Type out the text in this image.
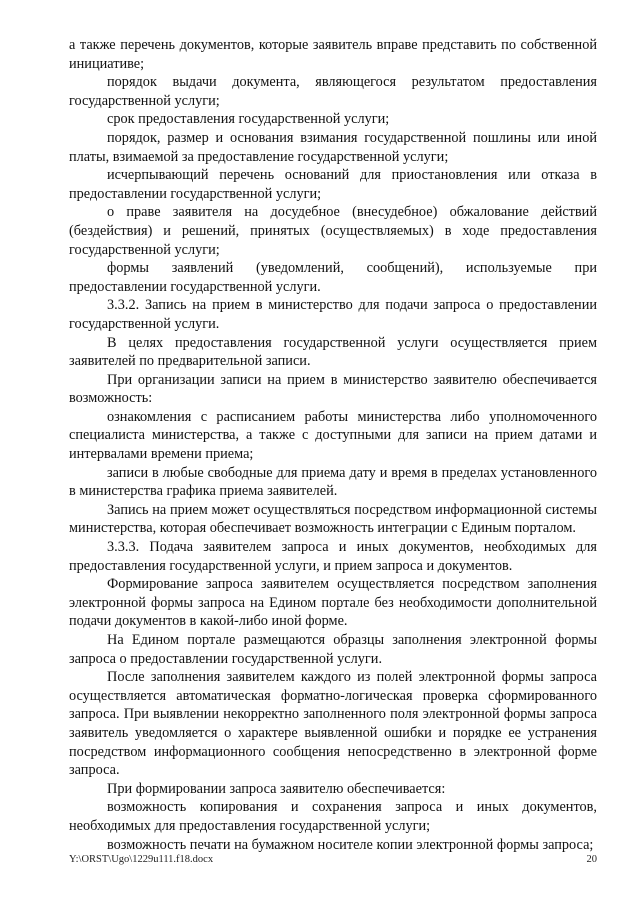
а также перечень документов, которые заявитель вправе представить по собственной инициативе;

порядок выдачи документа, являющегося результатом предоставления государственной услуги;

срок предоставления государственной услуги;

порядок, размер и основания взимания государственной пошлины или иной платы, взимаемой за предоставление государственной услуги;

исчерпывающий перечень оснований для приостановления или отказа в предоставлении государственной услуги;

о праве заявителя на досудебное (внесудебное) обжалование действий (бездействия) и решений, принятых (осуществляемых) в ходе предоставления государственной услуги;

формы заявлений (уведомлений, сообщений), используемые при предоставлении государственной услуги.

3.3.2. Запись на прием в министерство для подачи запроса о предоставлении государственной услуги.

В целях предоставления государственной услуги осуществляется прием заявителей по предварительной записи.

При организации записи на прием в министерство заявителю обеспечивается возможность:

ознакомления с расписанием работы министерства либо уполномоченного специалиста министерства, а также с доступными для записи на прием датами и интервалами времени приема;

записи в любые свободные для приема дату и время в пределах установленного в министерства графика приема заявителей.

Запись на прием может осуществляться посредством информационной системы министерства, которая обеспечивает возможность интеграции с Единым порталом.

3.3.3. Подача заявителем запроса и иных документов, необходимых для предоставления государственной услуги, и прием запроса и документов.

Формирование запроса заявителем осуществляется посредством заполнения электронной формы запроса на Едином портале без необходимости дополнительной подачи документов в какой-либо иной форме.

На Едином портале размещаются образцы заполнения электронной формы запроса о предоставлении государственной услуги.

После заполнения заявителем каждого из полей электронной формы запроса осуществляется автоматическая форматно-логическая проверка сформированного запроса. При выявлении некорректно заполненного поля электронной формы запроса заявитель уведомляется о характере выявленной ошибки и порядке ее устранения посредством информационного сообщения непосредственно в электронной форме запроса.

При формировании запроса заявителю обеспечивается:

возможность копирования и сохранения запроса и иных документов, необходимых для предоставления государственной услуги;

возможность печати на бумажном носителе копии электронной формы запроса;

Y:\ORST\Ugo\1229u111.f18.docx	20
